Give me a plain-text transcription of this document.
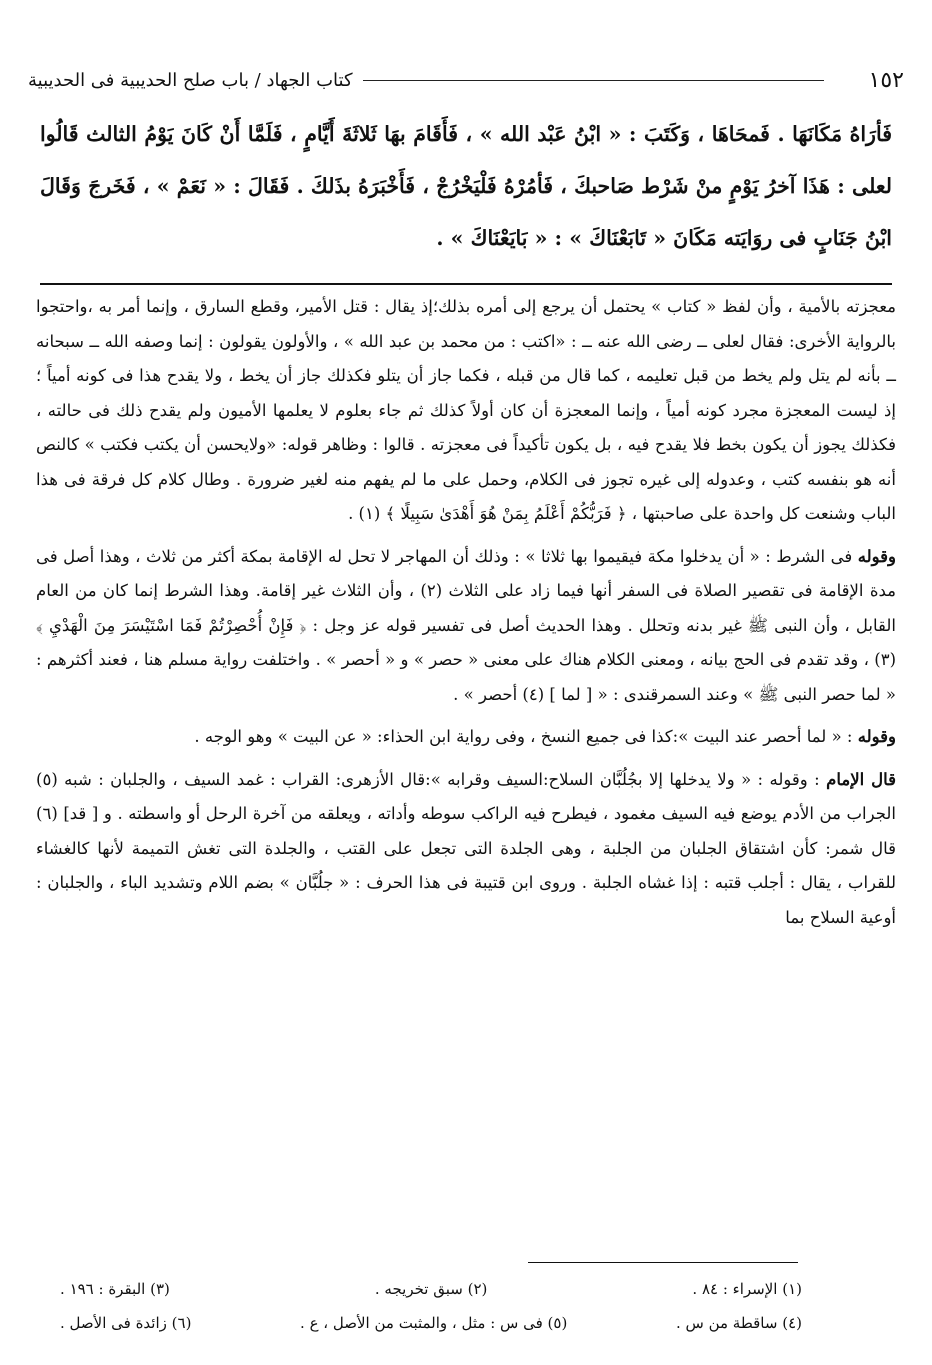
١٥٢
كتاب الجهاد / باب صلح الحديبية فى الحديبية
فَأرَاهُ مَكَانَهَا . فَمحَاهَا ، وَكَتَبَ : « ابْنُ عَبْد الله » ، فَأَقَامَ بهَا ثَلاثَةَ أَيَّامٍ ، فَلَمَّا أَنْ كَانَ يَوْمُ الثالث قَالُوا لعلى : هَذَا آخرُ يَوْمٍ منْ شَرْط صَاحبكَ ، فَأمُرْهُ فَلْيَخْرُجْ ، فَأَخْبَرَهُ بذَلكَ . فَقَالَ : « نَعَمْ » ، فَخَرجَ وَقَالَ ابْنُ جَنَابٍ فى روَايَته مَكَانَ « تَابَعْنَاكَ » : « بَايَعْنَاكَ » .

معجزته بالأمية ، وأن لفظ « كتاب » يحتمل أن يرجع إلى أمره بذلك؛إذ يقال : قتل الأمير، وقطع السارق ، وإنما أمر به ،واحتجوا بالرواية الأخرى: فقال لعلى ــ رضى الله عنه ــ : «اكتب : من محمد بن عبد الله » ، والأولون يقولون : إنما وصفه الله ــ سبحانه ــ بأنه لم يتل ولم يخط من قبل تعليمه ، كما قال من قبله ، فكما جاز أن يتلو فكذلك جاز أن يخط ، ولا يقدح هذا فى كونه أمياً ؛ إذ ليست المعجزة مجرد كونه أمياً ، وإنما المعجزة أن كان أولاً كذلك ثم جاء بعلوم لا يعلمها الأميون ولم يقدح ذلك فى حالته ، فكذلك يجوز أن يكون بخط فلا يقدح فيه ، بل يكون تأكيداً فى معجزته . قالوا : وظاهر قوله: «ولايحسن أن يكتب فكتب » كالنص أنه هو بنفسه كتب ، وعدوله إلى غيره تجوز فى الكلام، وحمل على ما لم يفهم منه لغير ضرورة . وطال كلام كل فرقة فى هذا الباب وشنعت كل واحدة على صاحبتها ، ﴿ فَرَبُّكُمْ أَعْلَمُ بِمَنْ هُوَ أَهْدَىٰ سَبِيلًا ﴾ (١) .

وقوله فى الشرط : « أن يدخلوا مكة فيقيموا بها ثلاثا » : وذلك أن المهاجر لا تحل له الإقامة بمكة أكثر من ثلاث ، وهذا أصل فى مدة الإقامة فى تقصير الصلاة فى السفر أنها فيما زاد على الثلاث (٢) ، وأن الثلاث غير إقامة. وهذا الشرط إنما كان من العام القابل ، وأن النبى ﷺ غير بدنه وتحلل . وهذا الحديث أصل فى تفسير قوله عز وجل : ﴿ فَإِنْ أُحْصِرْتُمْ فَمَا اسْتَيْسَرَ مِنَ الْهَدْيِ ﴾ (٣) ، وقد تقدم فى الحج بيانه ، ومعنى الكلام هناك على معنى « حصر » و « أحصر » . واختلفت رواية مسلم هنا ، فعند أكثرهم : « لما حصر النبى ﷺ » وعند السمرقندى : « [ لما ] (٤) أحصر » .

وقوله : « لما أحصر عند البيت »:كذا فى جميع النسخ ، وفى رواية ابن الحذاء: « عن البيت » وهو الوجه .

قال الإمام : وقوله : « ولا يدخلها إلا بجُلُبَّان السلاح:السيف وقرابه »:قال الأزهرى: القراب : غمد السيف ، والجلبان : شبه (٥) الجراب من الأدم يوضع فيه السيف مغمود ، فيطرح فيه الراكب سوطه وأداته ، ويعلقه من آخرة الرحل أو واسطته . و [ قد] (٦) قال شمر: كأن اشتقاق الجلبان من الجلبة ، وهى الجلدة التى تجعل على القتب ، والجلدة التى تغش التميمة لأنها كالغشاء للقراب ، يقال : أجلب قتبه : إذا غشاه الجلبة . وروى ابن قتيبة فى هذا الحرف : « جلُبَّان » بضم اللام وتشديد الباء ، والجلبان : أوعية السلاح بما

(١) الإسراء : ٨٤ .
(٢) سبق تخريجه .
(٣) البقرة : ١٩٦ .
(٤) ساقطة من س .
(٥) فى س : مثل ، والمثبت من الأصل ، ع .
(٦) زائدة فى الأصل .
